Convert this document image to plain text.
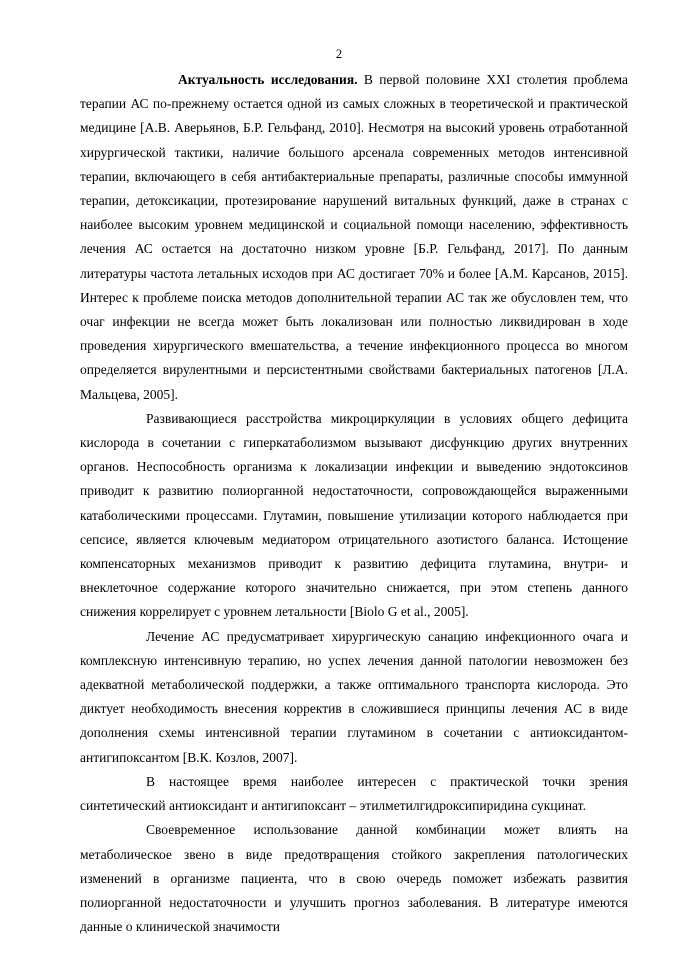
2

Актуальность исследования. В первой половине XXI столетия проблема терапии АС по-прежнему остается одной из самых сложных в теоретической и практической медицине [А.В. Аверьянов, Б.Р. Гельфанд, 2010]. Несмотря на высокий уровень отработанной хирургической тактики, наличие большого арсенала современных методов интенсивной терапии, включающего в себя антибактериальные препараты, различные способы иммунной терапии, детоксикации, протезирование нарушений витальных функций, даже в странах с наиболее высоким уровнем медицинской и социальной помощи населению, эффективность лечения АС остается на достаточно низком уровне [Б.Р. Гельфанд, 2017]. По данным литературы частота летальных исходов при АС достигает 70% и более [А.М. Карсанов, 2015]. Интерес к проблеме поиска методов дополнительной терапии АС так же обусловлен тем, что очаг инфекции не всегда может быть локализован или полностью ликвидирован в ходе проведения хирургического вмешательства, а течение инфекционного процесса во многом определяется вирулентными и персистентными свойствами бактериальных патогенов [Л.А. Мальцева, 2005].

Развивающиеся расстройства микроциркуляции в условиях общего дефицита кислорода в сочетании с гиперкатаболизмом вызывают дисфункцию других внутренних органов. Неспособность организма к локализации инфекции и выведению эндотоксинов приводит к развитию полиорганной недостаточности, сопровождающейся выраженными катаболическими процессами. Глутамин, повышение утилизации которого наблюдается при сепсисе, является ключевым медиатором отрицательного азотистого баланса. Истощение компенсаторных механизмов приводит к развитию дефицита глутамина, внутри- и внеклеточное содержание которого значительно снижается, при этом степень данного снижения коррелирует с уровнем летальности [Biolo G et al., 2005].

Лечение АС предусматривает хирургическую санацию инфекционного очага и комплексную интенсивную терапию, но успех лечения данной патологии невозможен без адекватной метаболической поддержки, а также оптимального транспорта кислорода. Это диктует необходимость внесения корректив в сложившиеся принципы лечения АС в виде дополнения схемы интенсивной терапии глутамином в сочетании с антиоксидантом-антигипоксантом [В.К. Козлов, 2007].

В настоящее время наиболее интересен с практической точки зрения синтетический антиоксидант и антигипоксант – этилметилгидроксипиридина сукцинат.

Своевременное использование данной комбинации может влиять на метаболическое звено в виде предотвращения стойкого закрепления патологических изменений в организме пациента, что в свою очередь поможет избежать развития полиорганной недостаточности и улучшить прогноз заболевания. В литературе имеются данные о клинической значимости
